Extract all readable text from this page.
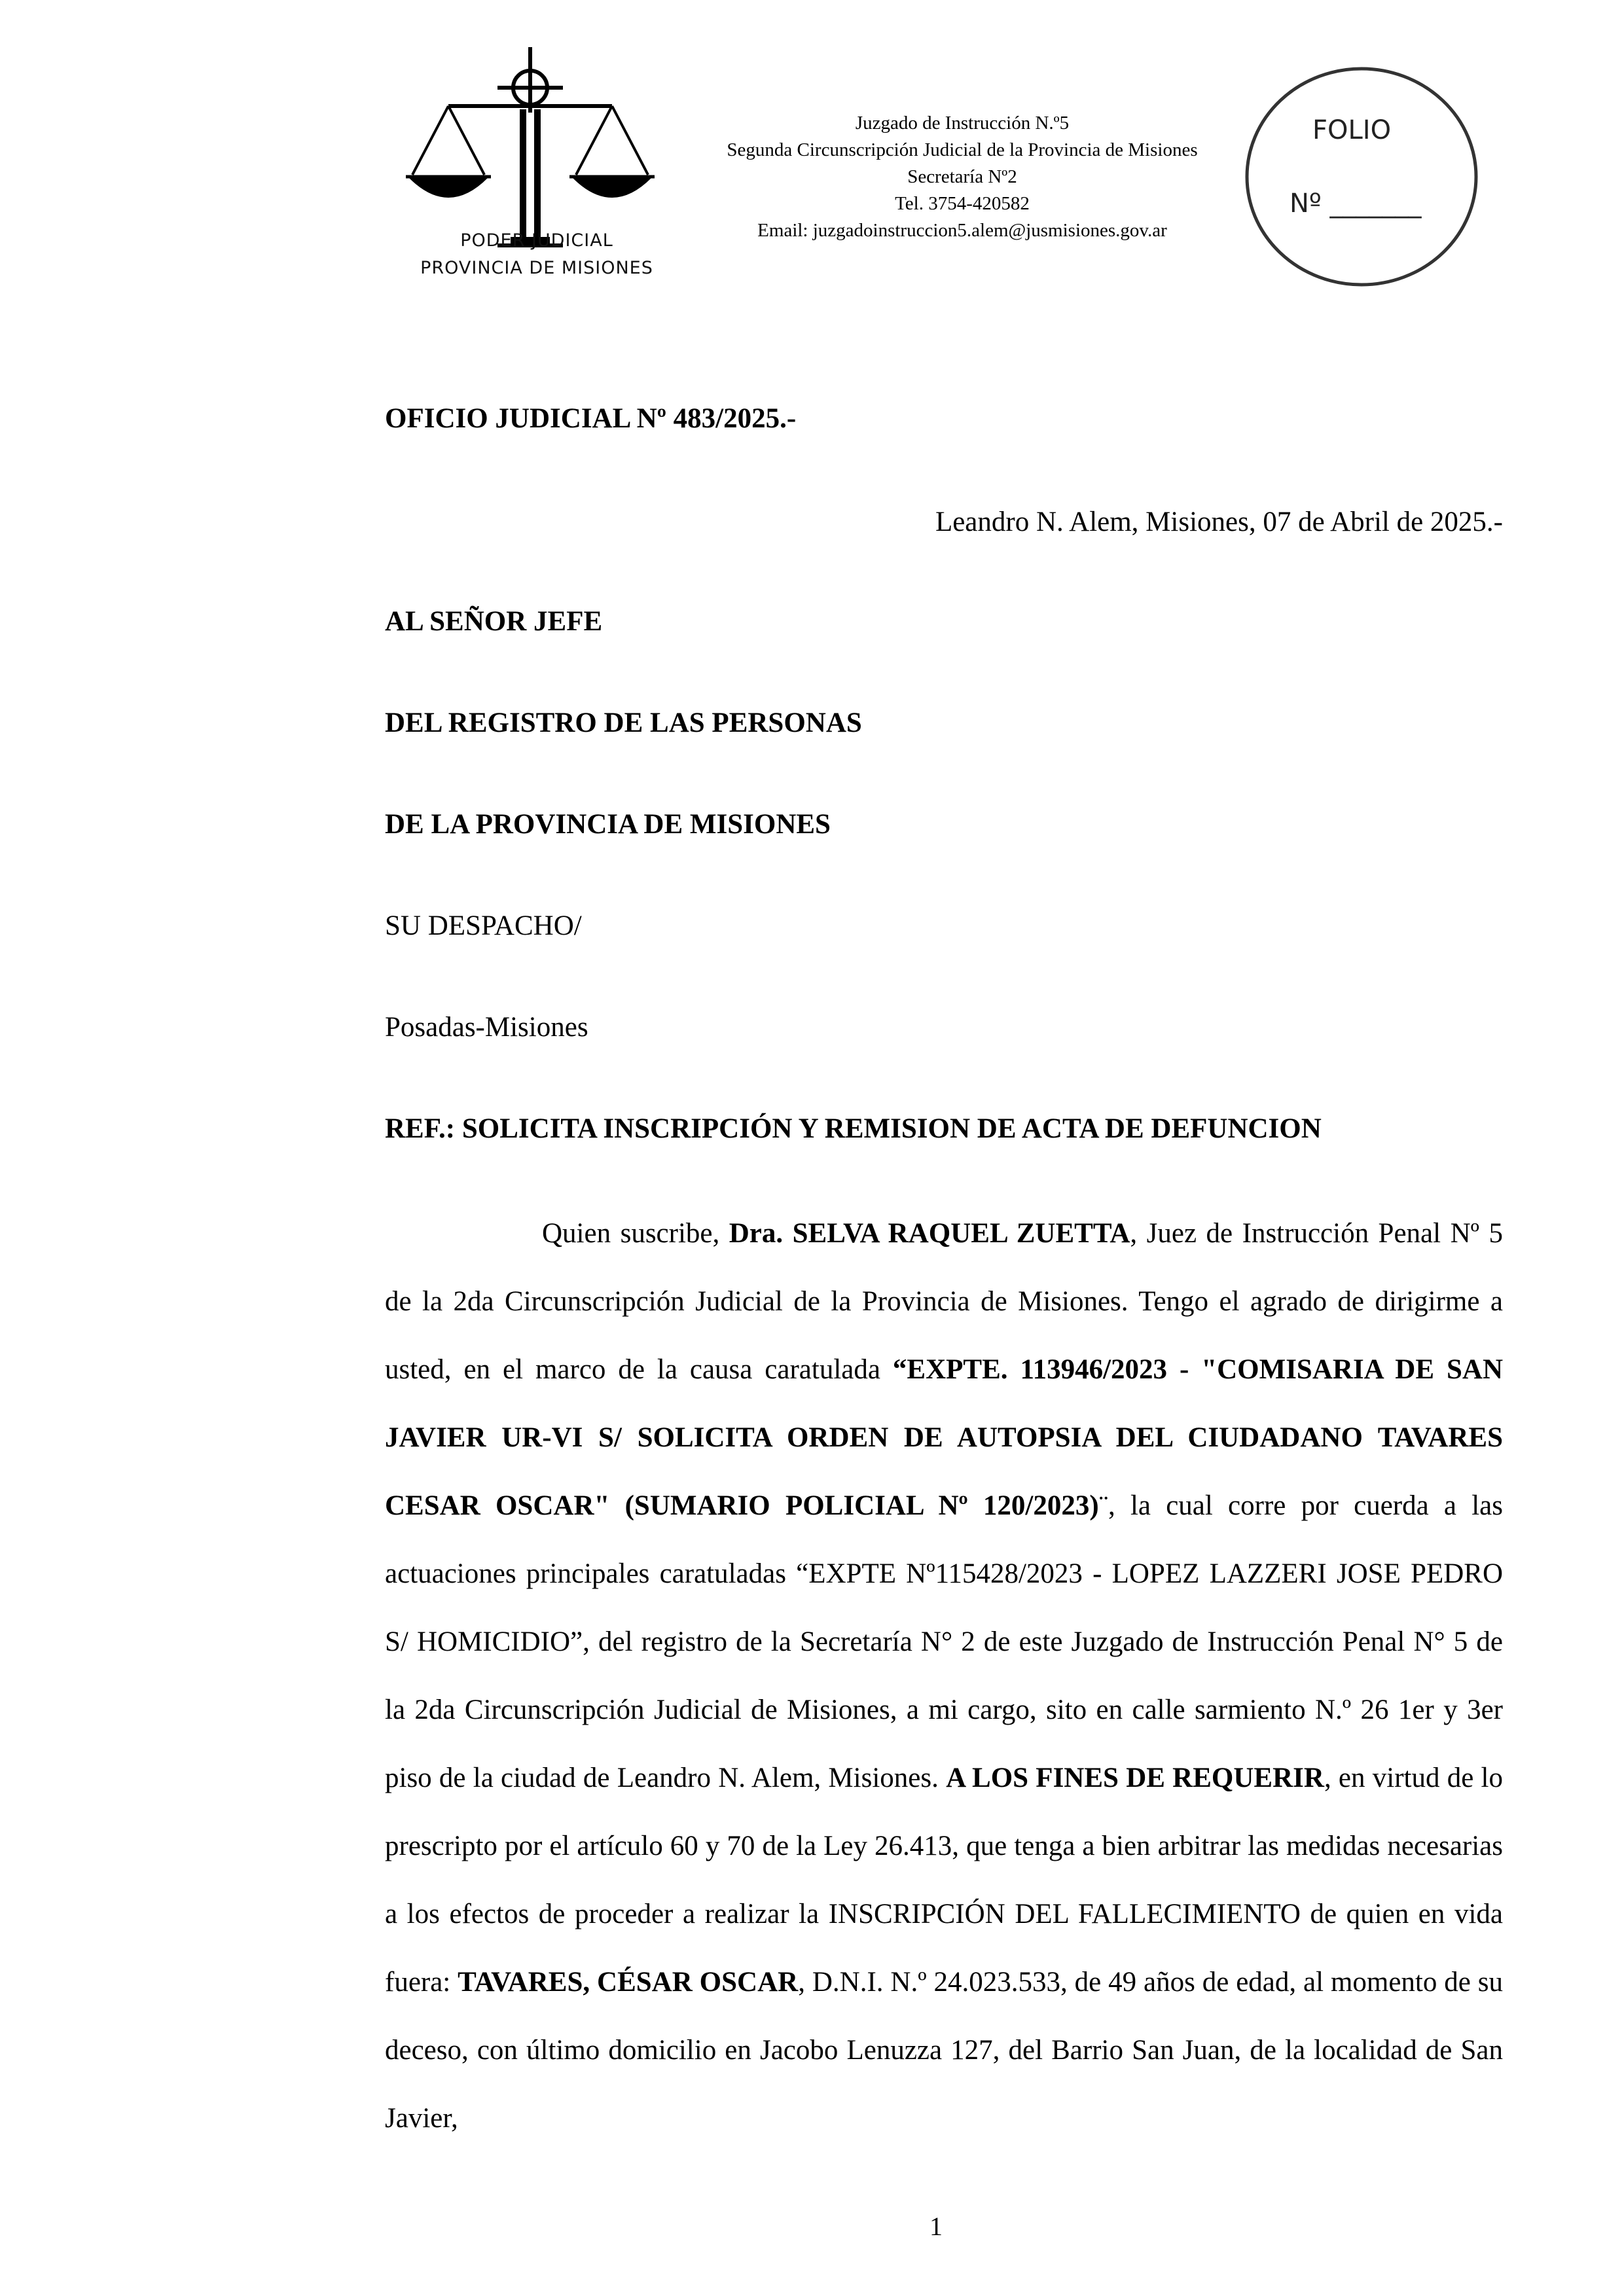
PODER JUDICIAL
PROVINCIA DE MISIONES
Juzgado de Instrucción N.º5
Segunda Circunscripción Judicial de la Provincia de Misiones
Secretaría Nº2
Tel. 3754-420582
Email: juzgadoinstruccion5.alem@jusmisiones.gov.ar
FOLIO
Nº _______
OFICIO JUDICIAL Nº 483/2025.-
Leandro N. Alem, Misiones, 07 de Abril de 2025.-
AL SEÑOR JEFE
DEL REGISTRO DE LAS PERSONAS
DE LA PROVINCIA DE MISIONES
SU DESPACHO/
Posadas-Misiones
REF.: SOLICITA INSCRIPCIÓN Y REMISION DE ACTA DE DEFUNCION
Quien suscribe, Dra. SELVA RAQUEL ZUETTA, Juez de Instrucción Penal Nº 5 de la 2da Circunscripción Judicial de la Provincia de Misiones. Tengo el agrado de dirigirme a usted, en el marco de la causa caratulada “EXPTE. 113946/2023 - "COMISARIA DE SAN JAVIER UR-VI S/ SOLICITA ORDEN DE AUTOPSIA DEL CIUDADANO TAVARES CESAR OSCAR" (SUMARIO POLICIAL Nº 120/2023)¨, la cual corre por cuerda a las actuaciones principales caratuladas “EXPTE Nº115428/2023 - LOPEZ LAZZERI JOSE PEDRO S/ HOMICIDIO”, del registro de la Secretaría N° 2 de este Juzgado de Instrucción Penal N° 5 de la 2da Circunscripción Judicial de Misiones, a mi cargo, sito en calle sarmiento N.º 26 1er y 3er piso de la ciudad de Leandro N. Alem, Misiones. A LOS FINES DE REQUERIR, en virtud de lo prescripto por el artículo 60 y 70 de la Ley 26.413, que tenga a bien arbitrar las medidas necesarias a los efectos de proceder a realizar la INSCRIPCIÓN DEL FALLECIMIENTO de quien en vida fuera: TAVARES, CÉSAR OSCAR, D.N.I. N.º 24.023.533, de 49 años de edad, al momento de su deceso, con último domicilio en Jacobo Lenuzza 127, del Barrio San Juan, de la localidad de San Javier,
1
